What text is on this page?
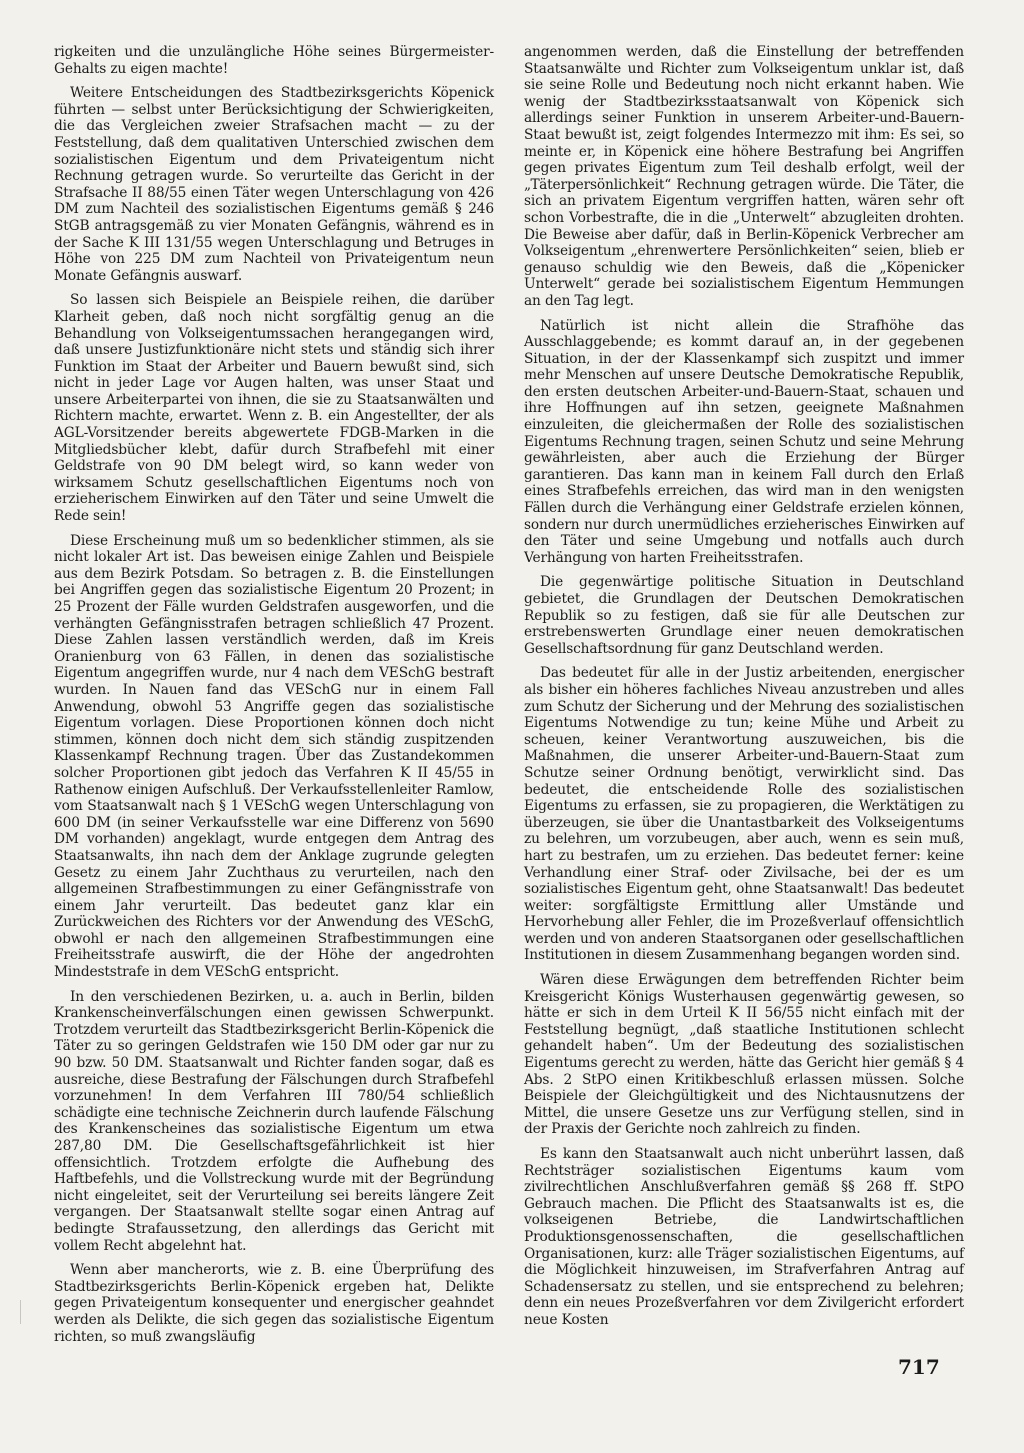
rigkeiten und die unzulängliche Höhe seines Bürgermeister-Gehalts zu eigen machte!

Weitere Entscheidungen des Stadtbezirksgerichts Köpenick führten — selbst unter Berücksichtigung der Schwierigkeiten, die das Vergleichen zweier Strafsachen macht — zu der Feststellung, daß dem qualitativen Unterschied zwischen dem sozialistischen Eigentum und dem Privateigentum nicht Rechnung getragen wurde. So verurteilte das Gericht in der Strafsache II 88/55 einen Täter wegen Unterschlagung von 426 DM zum Nachteil des sozialistischen Eigentums gemäß § 246 StGB antragsgemäß zu vier Monaten Gefängnis, während es in der Sache K III 131/55 wegen Unterschlagung und Betruges in Höhe von 225 DM zum Nachteil von Privateigentum neun Monate Gefängnis auswarf.

So lassen sich Beispiele an Beispiele reihen, die darüber Klarheit geben, daß noch nicht sorgfältig genug an die Behandlung von Volkseigentumssachen herangegangen wird, daß unsere Justizfunktionäre nicht stets und ständig sich ihrer Funktion im Staat der Arbeiter und Bauern bewußt sind, sich nicht in jeder Lage vor Augen halten, was unser Staat und unsere Arbeiterpartei von ihnen, die sie zu Staatsanwälten und Richtern machte, erwartet. Wenn z. B. ein Angestellter, der als AGL-Vorsitzender bereits abgewertete FDGB-Marken in die Mitgliedsbücher klebt, dafür durch Strafbefehl mit einer Geldstrafe von 90 DM belegt wird, so kann weder von wirksamem Schutz gesellschaftlichen Eigentums noch von erzieherischem Einwirken auf den Täter und seine Umwelt die Rede sein!

Diese Erscheinung muß um so bedenklicher stimmen, als sie nicht lokaler Art ist. Das beweisen einige Zahlen und Beispiele aus dem Bezirk Potsdam. So betragen z. B. die Einstellungen bei Angriffen gegen das sozialistische Eigentum 20 Prozent; in 25 Prozent der Fälle wurden Geldstrafen ausgeworfen, und die verhängten Gefängnisstrafen betragen schließlich 47 Prozent. Diese Zahlen lassen verständlich werden, daß im Kreis Oranienburg von 63 Fällen, in denen das sozialistische Eigentum angegriffen wurde, nur 4 nach dem VESchG bestraft wurden. In Nauen fand das VESchG nur in einem Fall Anwendung, obwohl 53 Angriffe gegen das sozialistische Eigentum vorlagen. Diese Proportionen können doch nicht stimmen, können doch nicht dem sich ständig zuspitzenden Klassenkampf Rechnung tragen. Über das Zustandekommen solcher Proportionen gibt jedoch das Verfahren K II 45/55 in Rathenow einigen Aufschluß. Der Verkaufsstellenleiter Ramlow, vom Staatsanwalt nach § 1 VESchG wegen Unterschlagung von 600 DM (in seiner Verkaufsstelle war eine Differenz von 5690 DM vorhanden) angeklagt, wurde entgegen dem Antrag des Staatsanwalts, ihn nach dem der Anklage zugrunde gelegten Gesetz zu einem Jahr Zuchthaus zu verurteilen, nach den allgemeinen Strafbestimmungen zu einer Gefängnisstrafe von einem Jahr verurteilt. Das bedeutet ganz klar ein Zurückweichen des Richters vor der Anwendung des VESchG, obwohl er nach den allgemeinen Strafbestimmungen eine Freiheitsstrafe auswirft, die der Höhe der angedrohten Mindeststrafe in dem VESchG entspricht.

In den verschiedenen Bezirken, u. a. auch in Berlin, bilden Krankenscheinverfälschungen einen gewissen Schwerpunkt. Trotzdem verurteilt das Stadtbezirksgericht Berlin-Köpenick die Täter zu so geringen Geldstrafen wie 150 DM oder gar nur zu 90 bzw. 50 DM. Staatsanwalt und Richter fanden sogar, daß es ausreiche, diese Bestrafung der Fälschungen durch Strafbefehl vorzunehmen! In dem Verfahren III 780/54 schließlich schädigte eine technische Zeichnerin durch laufende Fälschung des Krankenscheines das sozialistische Eigentum um etwa 287,80 DM. Die Gesellschaftsgefährlichkeit ist hier offensichtlich. Trotzdem erfolgte die Aufhebung des Haftbefehls, und die Vollstreckung wurde mit der Begründung nicht eingeleitet, seit der Verurteilung sei bereits längere Zeit vergangen. Der Staatsanwalt stellte sogar einen Antrag auf bedingte Strafaussetzung, den allerdings das Gericht mit vollem Recht abgelehnt hat.

Wenn aber mancherorts, wie z. B. eine Überprüfung des Stadtbezirksgerichts Berlin-Köpenick ergeben hat, Delikte gegen Privateigentum konsequenter und energischer geahndet werden als Delikte, die sich gegen das sozialistische Eigentum richten, so muß zwangsläufig

angenommen werden, daß die Einstellung der betreffenden Staatsanwälte und Richter zum Volkseigentum unklar ist, daß sie seine Rolle und Bedeutung noch nicht erkannt haben. Wie wenig der Stadtbezirksstaatsanwalt von Köpenick sich allerdings seiner Funktion in unserem Arbeiter-und-Bauern-Staat bewußt ist, zeigt folgendes Intermezzo mit ihm: Es sei, so meinte er, in Köpenick eine höhere Bestrafung bei Angriffen gegen privates Eigentum zum Teil deshalb erfolgt, weil der „Täterpersönlichkeit“ Rechnung getragen würde. Die Täter, die sich an privatem Eigentum vergriffen hatten, wären sehr oft schon Vorbestrafte, die in die „Unterwelt“ abzugleiten drohten. Die Beweise aber dafür, daß in Berlin-Köpenick Verbrecher am Volkseigentum „ehrenwertere Persönlichkeiten“ seien, blieb er genauso schuldig wie den Beweis, daß die „Köpenicker Unterwelt“ gerade bei sozialistischem Eigentum Hemmungen an den Tag legt.

Natürlich ist nicht allein die Strafhöhe das Ausschlaggebende; es kommt darauf an, in der gegebenen Situation, in der der Klassenkampf sich zuspitzt und immer mehr Menschen auf unsere Deutsche Demokratische Republik, den ersten deutschen Arbeiter-und-Bauern-Staat, schauen und ihre Hoffnungen auf ihn setzen, geeignete Maßnahmen einzuleiten, die gleichermaßen der Rolle des sozialistischen Eigentums Rechnung tragen, seinen Schutz und seine Mehrung gewährleisten, aber auch die Erziehung der Bürger garantieren. Das kann man in keinem Fall durch den Erlaß eines Strafbefehls erreichen, das wird man in den wenigsten Fällen durch die Verhängung einer Geldstrafe erzielen können, sondern nur durch unermüdliches erzieherisches Einwirken auf den Täter und seine Umgebung und notfalls auch durch Verhängung von harten Freiheitsstrafen.

Die gegenwärtige politische Situation in Deutschland gebietet, die Grundlagen der Deutschen Demokratischen Republik so zu festigen, daß sie für alle Deutschen zur erstrebenswerten Grundlage einer neuen demokratischen Gesellschaftsordnung für ganz Deutschland werden.

Das bedeutet für alle in der Justiz arbeitenden, energischer als bisher ein höheres fachliches Niveau anzustreben und alles zum Schutz der Sicherung und der Mehrung des sozialistischen Eigentums Notwendige zu tun; keine Mühe und Arbeit zu scheuen, keiner Verantwortung auszuweichen, bis die Maßnahmen, die unserer Arbeiter-und-Bauern-Staat zum Schutze seiner Ordnung benötigt, verwirklicht sind. Das bedeutet, die entscheidende Rolle des sozialistischen Eigentums zu erfassen, sie zu propagieren, die Werktätigen zu überzeugen, sie über die Unantastbarkeit des Volkseigentums zu belehren, um vorzubeugen, aber auch, wenn es sein muß, hart zu bestrafen, um zu erziehen. Das bedeutet ferner: keine Verhandlung einer Straf- oder Zivilsache, bei der es um sozialistisches Eigentum geht, ohne Staatsanwalt! Das bedeutet weiter: sorgfältigste Ermittlung aller Umstände und Hervorhebung aller Fehler, die im Prozeßverlauf offensichtlich werden und von anderen Staatsorganen oder gesellschaftlichen Institutionen in diesem Zusammenhang begangen worden sind.

Wären diese Erwägungen dem betreffenden Richter beim Kreisgericht Königs Wusterhausen gegenwärtig gewesen, so hätte er sich in dem Urteil K II 56/55 nicht einfach mit der Feststellung begnügt, „daß staatliche Institutionen schlecht gehandelt haben“. Um der Bedeutung des sozialistischen Eigentums gerecht zu werden, hätte das Gericht hier gemäß § 4 Abs. 2 StPO einen Kritikbeschluß erlassen müssen. Solche Beispiele der Gleichgültigkeit und des Nichtausnutzens der Mittel, die unsere Gesetze uns zur Verfügung stellen, sind in der Praxis der Gerichte noch zahlreich zu finden.

Es kann den Staatsanwalt auch nicht unberührt lassen, daß Rechtsträger sozialistischen Eigentums kaum vom zivilrechtlichen Anschlußverfahren gemäß §§ 268 ff. StPO Gebrauch machen. Die Pflicht des Staatsanwalts ist es, die volkseigenen Betriebe, die Landwirtschaftlichen Produktionsgenossenschaften, die gesellschaftlichen Organisationen, kurz: alle Träger sozialistischen Eigentums, auf die Möglichkeit hinzuweisen, im Strafverfahren Antrag auf Schadensersatz zu stellen, und sie entsprechend zu belehren; denn ein neues Prozeßverfahren vor dem Zivilgericht erfordert neue Kosten

717
